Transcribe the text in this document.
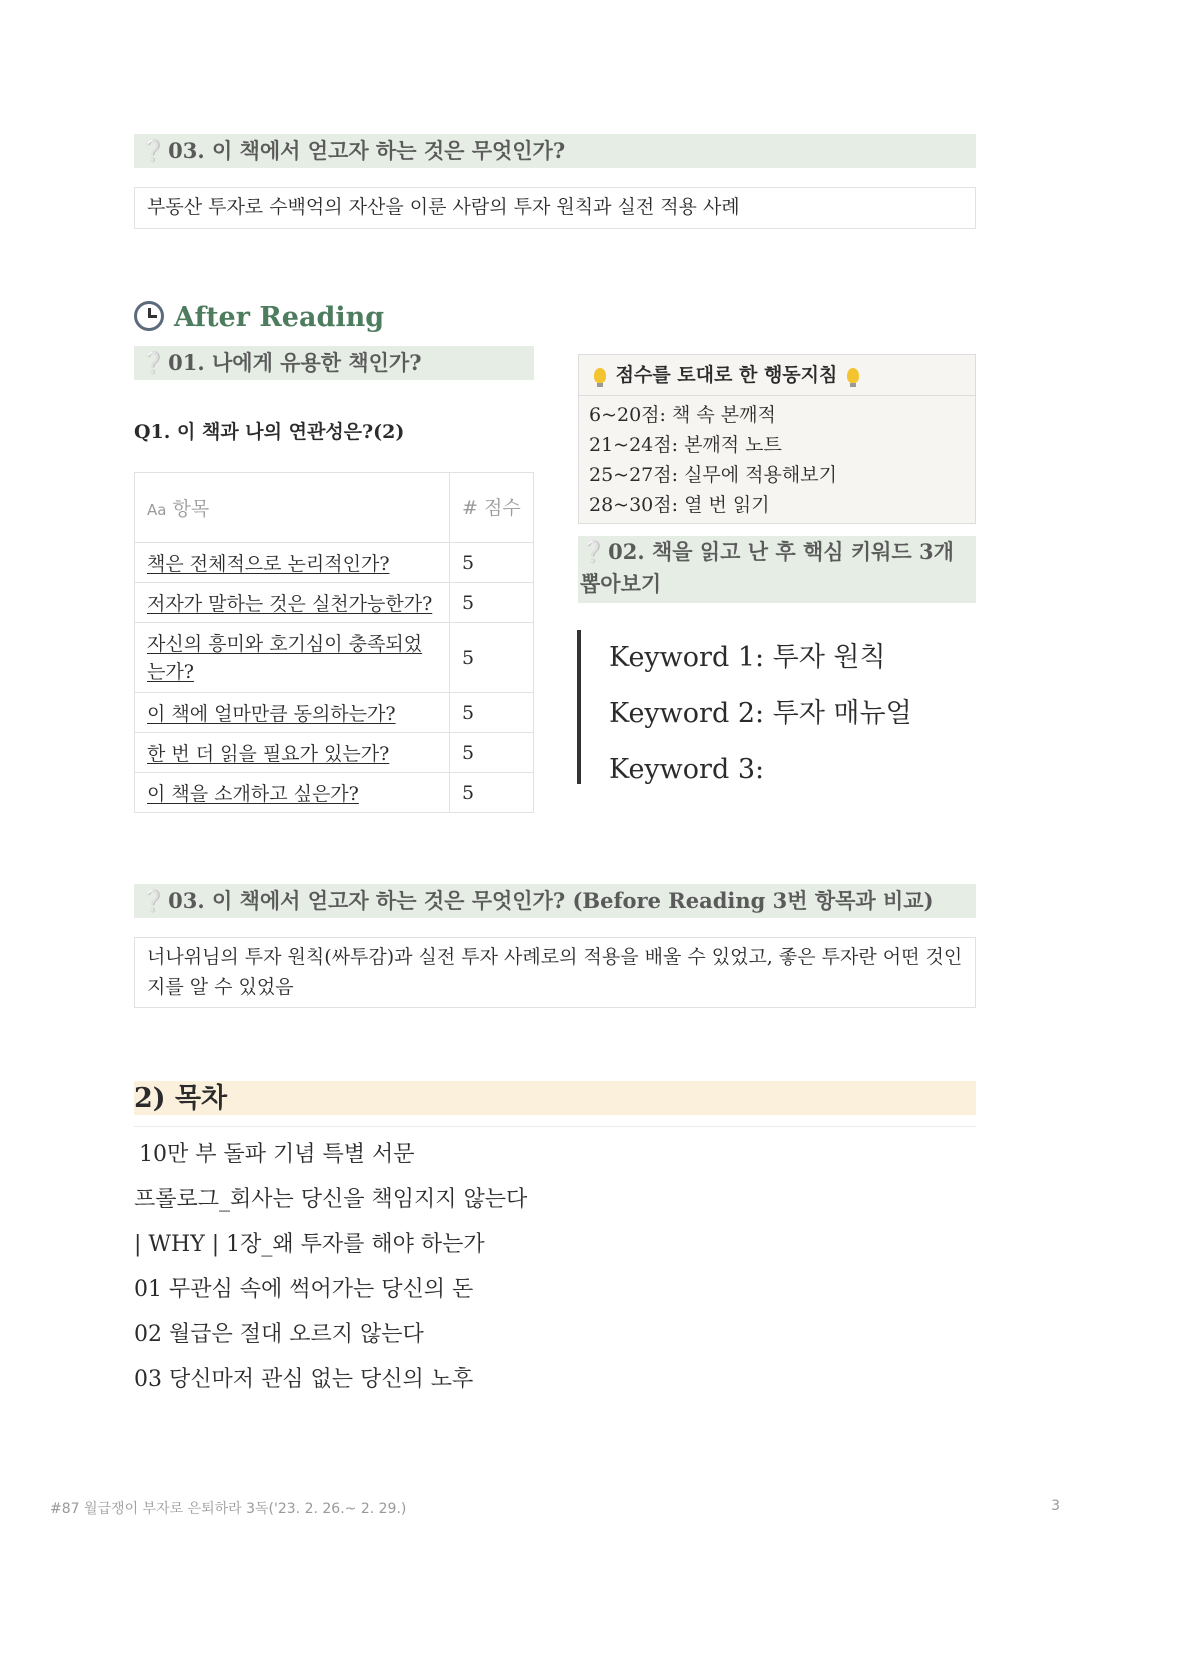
❔03. 이 책에서 얻고자 하는 것은 무엇인가?
부동산 투자로 수백억의 자산을 이룬 사람의 투자 원칙과 실전 적용 사례
After Reading
❔01. 나에게 유용한 책인가?
Q1. 이 책과 나의 연관성은?(2)
Aa 항목	# 점수
책은 전체적으로 논리적인가?	5
저자가 말하는 것은 실천가능한가?	5
자신의 흥미와 호기심이 충족되었는가?	5
이 책에 얼마만큼 동의하는가?	5
한 번 더 읽을 필요가 있는가?	5
이 책을 소개하고 싶은가?	5
점수를 토대로 한 행동지침
6~20점: 책 속 본깨적
21~24점: 본깨적 노트
25~27점: 실무에 적용해보기
28~30점: 열 번 읽기
❔02. 책을 읽고 난 후 핵심 키워드 3개 뽑아보기
Keyword 1: 투자 원칙
Keyword 2: 투자 매뉴얼
Keyword 3:
❔03. 이 책에서 얻고자 하는 것은 무엇인가? (Before Reading 3번 항목과 비교)
너나위님의 투자 원칙(싸투감)과 실전 투자 사례로의 적용을 배울 수 있었고, 좋은 투자란 어떤 것인지를 알 수 있었음
2) 목차
10만 부 돌파 기념 특별 서문
프롤로그_회사는 당신을 책임지지 않는다
| WHY | 1장_왜 투자를 해야 하는가
01 무관심 속에 썩어가는 당신의 돈
02 월급은 절대 오르지 않는다
03 당신마저 관심 없는 당신의 노후
#87 월급쟁이 부자로 은퇴하라 3독('23. 2. 26.~ 2. 29.)	3
